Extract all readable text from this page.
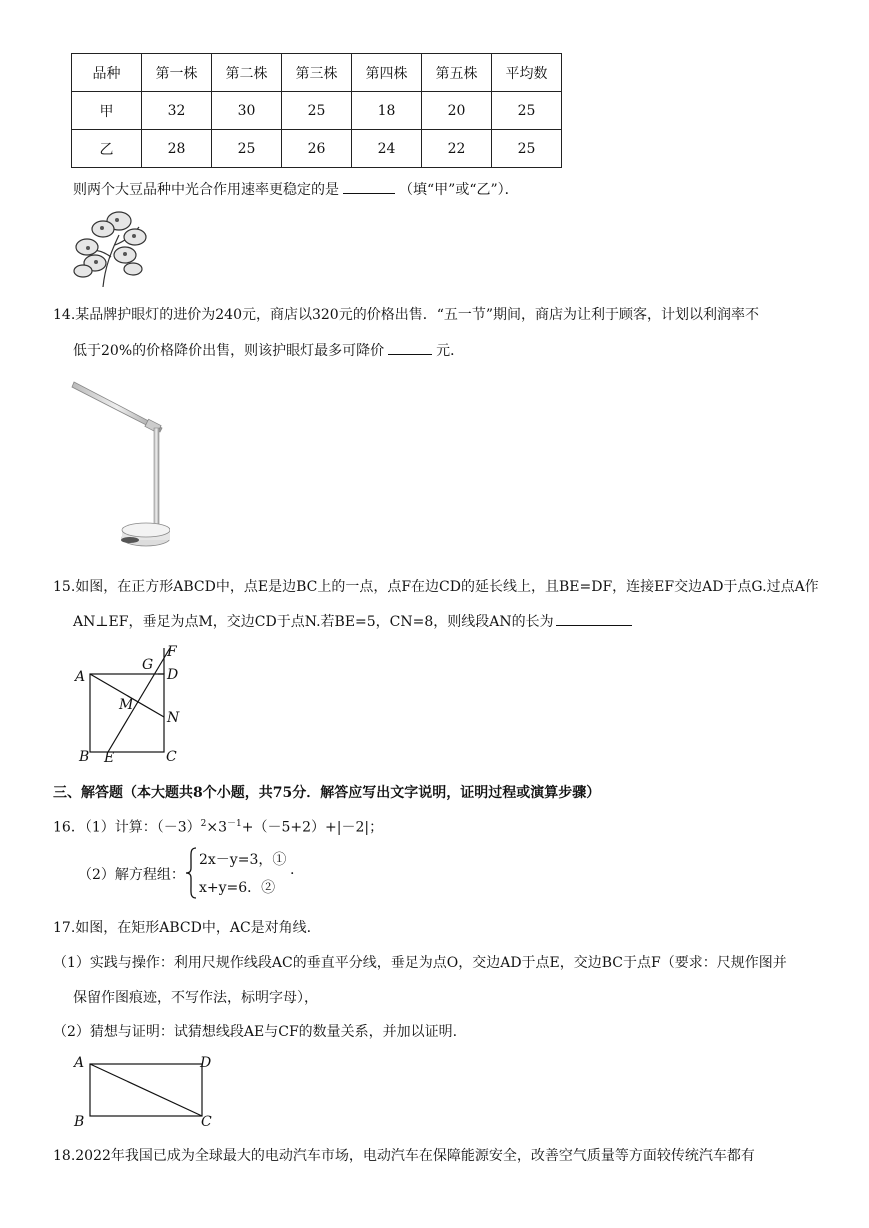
品种	第一株	第二株	第三株	第四株	第五株	平均数
甲	32	30	25	18	20	25
乙	28	25	26	24	22	25
则两个大豆品种中光合作用速率更稳定的是	（填“甲”或“乙”）．
14.某品牌护眼灯的进价为240元，商店以320元的价格出售．“五一节”期间，商店为让利于顾客，计划以利润率不
低于20%的价格降价出售，则该护眼灯最多可降价	元．
15.如图，在正方形ABCD中，点E是边BC上的一点，点F在边CD的延长线上，且BE=DF，连接EF交边AD于点G.过点A作
AN⊥EF，垂足为点M，交边CD于点N.若BE=5，CN=8，则线段AN的长为
A
B	C
D
E
F
G
M
N
三、解答题（本大题共8个小题，共75分．解答应写出文字说明，证明过程或演算步骤）
16．（1）计算：$(-3)^2\times 3^{-1}+(-5+2)+|-2|$；
（2）解方程组：
2x－y=3，①
x+y=6．②
.
17.如图，在矩形ABCD中，AC是对角线.
（1）实践与操作：利用尺规作线段AC的垂直平分线，垂足为点O，交边AD于点E，交边BC于点F（要求：尺规作图并
保留作图痕迹，不写作法，标明字母），
（2）猜想与证明：试猜想线段AE与CF的数量关系，并加以证明.
A
B	C
D
18.2022年我国已成为全球最大的电动汽车市场，电动汽车在保障能源安全，改善空气质量等方面较传统汽车都有
